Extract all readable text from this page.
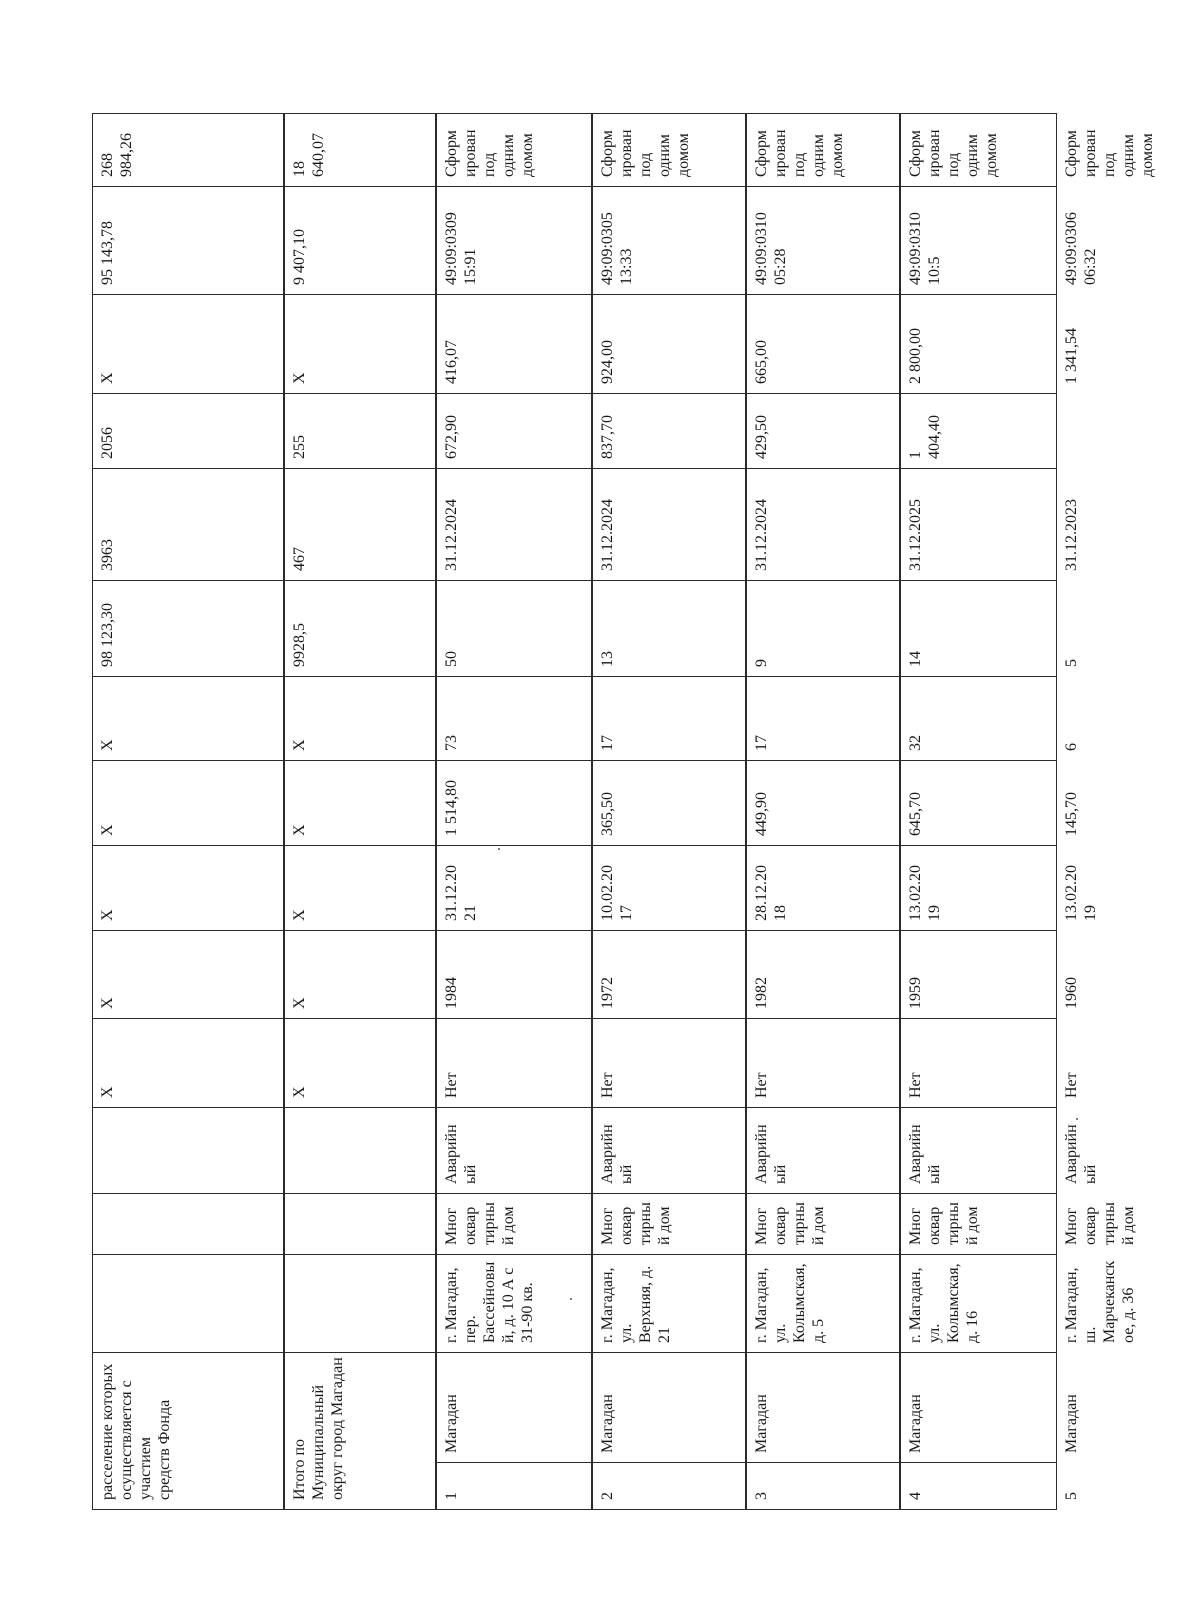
расселение которых
осуществляется с участием
средств Фонда
X
X
X
X
X
98 123,30
3963
2056
X
95 143,78
268
984,26
Итого по Муниципальный
округ город Магадан
X
X
X
X
X
9928,5
467
255
X
9 407,10
18
640,07
1
Магадан
г. Магадан,
пер.
Бассейновы
й, д. 10 А с
31-90 кв.
Мног
оквар
тирны
й дом
Аварийн
ый
Нет
1984
31.12.20
21
1 514,80
73
50
31.12.2024
672,90
416,07
49:09:0309
15:91
Сформ
ирован
под
одним
домом
2
Магадан
г. Магадан,
ул.
Верхняя, д.
21
Мног
оквар
тирны
й дом
Аварийн
ый
Нет
1972
10.02.20
17
365,50
17
13
31.12.2024
837,70
924,00
49:09:0305
13:33
Сформ
ирован
под
одним
домом
3
Магадан
г. Магадан,
ул.
Колымская,
д. 5
Мног
оквар
тирны
й дом
Аварийн
ый
Нет
1982
28.12.20
18
449,90
17
9
31.12.2024
429,50
665,00
49:09:0310
05:28
Сформ
ирован
под
одним
домом
4
Магадан
г. Магадан,
ул.
Колымская,
д. 16
Мног
оквар
тирны
й дом
Аварийн
ый
Нет
1959
13.02.20
19
645,70
32
14
31.12.2025
1
404,40
2 800,00
49:09:0310
10:5
Сформ
ирован
под
одним
домом
5
Магадан
г. Магадан,
ш.
Марчеканск
ое, д. 36
Мног
оквар
тирны
й дом
Аварийн
ый
Нет
1960
13.02.20
19
145,70
6
5
31.12.2023
1 341,54
49:09:0306
06:32
Сформ
ирован
под
одним
домом
